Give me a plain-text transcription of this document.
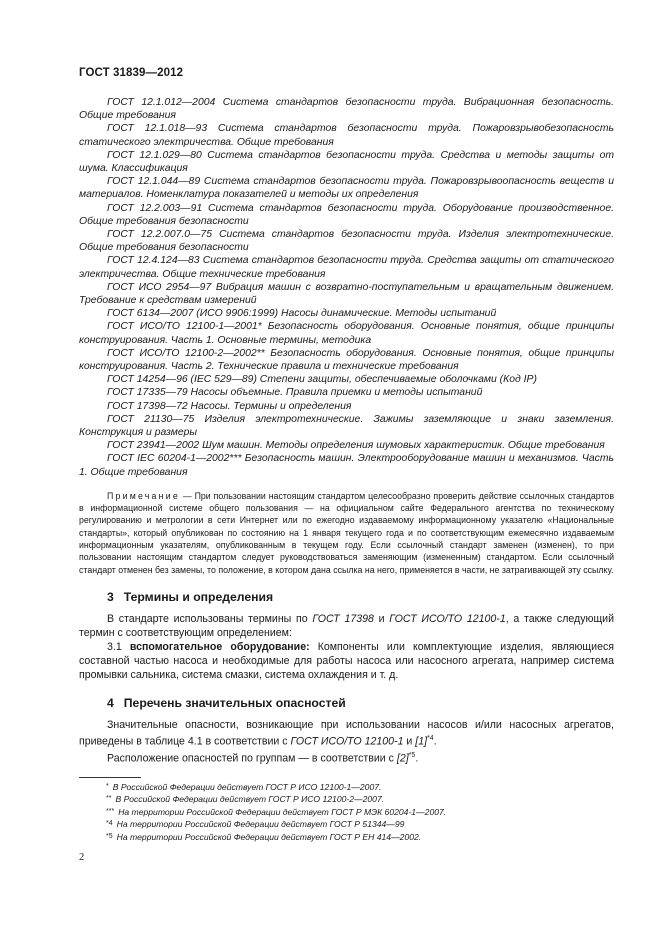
ГОСТ 31839—2012

ГОСТ 12.1.012—2004 Система стандартов безопасности труда. Вибрационная безопасность. Общие требования

ГОСТ 12.1.018—93 Система стандартов безопасности труда. Пожаровзрывобезопасность статического электричества. Общие требования

ГОСТ 12.1.029—80 Система стандартов безопасности труда. Средства и методы защиты от шума. Классификация

ГОСТ 12.1.044—89 Система стандартов безопасности труда. Пожаровзрывоопасность веществ и материалов. Номенклатура показателей и методы их определения

ГОСТ 12.2.003—91 Система стандартов безопасности труда. Оборудование производственное. Общие требования безопасности

ГОСТ 12.2.007.0—75 Система стандартов безопасности труда. Изделия электротехнические. Общие требования безопасности

ГОСТ 12.4.124—83 Система стандартов безопасности труда. Средства защиты от статического электричества. Общие технические требования

ГОСТ ИСО 2954—97 Вибрация машин с возвратно-поступательным и вращательным движением. Требование к средствам измерений

ГОСТ 6134—2007 (ИСО 9906:1999) Насосы динамические. Методы испытаний

ГОСТ ИСО/ТО 12100-1—2001* Безопасность оборудования. Основные понятия, общие принципы конструирования. Часть 1. Основные термины, методика

ГОСТ ИСО/ТО 12100-2—2002** Безопасность оборудования. Основные понятия, общие принципы конструирования. Часть 2. Технические правила и технические требования

ГОСТ 14254—96 (IEC 529—89) Степени защиты, обеспечиваемые оболочками (Код IP)

ГОСТ 17335—79 Насосы объемные. Правила приемки и методы испытаний

ГОСТ 17398—72 Насосы. Термины и определения

ГОСТ 21130—75 Изделия электротехнические. Зажимы заземляющие и знаки заземления. Конструкция и размеры

ГОСТ 23941—2002 Шум машин. Методы определения шумовых характеристик. Общие требования

ГОСТ IEC 60204-1—2002*** Безопасность машин. Электрооборудование машин и механизмов. Часть 1. Общие требования

Примечание — При пользовании настоящим стандартом целесообразно проверить действие ссылочных стандартов в информационной системе общего пользования — на официальном сайте Федерального агентства по техническому регулированию и метрологии в сети Интернет или по ежегодно издаваемому информационному указателю «Национальные стандарты», который опубликован по состоянию на 1 января текущего года и по соответствующим ежемесячно издаваемым информационным указателям, опубликованным в текущем году. Если ссылочный стандарт заменен (изменен), то при пользовании настоящим стандартом следует руководствоваться заменяющим (измененным) стандартом. Если ссылочный стандарт отменен без замены, то положение, в котором дана ссылка на него, применяется в части, не затрагивающей эту ссылку.

3 Термины и определения

В стандарте использованы термины по ГОСТ 17398 и ГОСТ ИСО/ТО 12100-1, а также следующий термин с соответствующим определением:

3.1 вспомогательное оборудование: Компоненты или комплектующие изделия, являющиеся составной частью насоса и необходимые для работы насоса или насосного агрегата, например система промывки сальника, система смазки, система охлаждения и т. д.

4 Перечень значительных опасностей

Значительные опасности, возникающие при использовании насосов и/или насосных агрегатов, приведены в таблице 4.1 в соответствии с ГОСТ ИСО/ТО 12100-1 и $[1]^{*4}$.

Расположение опасностей по группам — в соответствии с $[2]^{*5}$.

* В Российской Федерации действует ГОСТ Р ИСО 12100-1—2007.

** В Российской Федерации действует ГОСТ Р ИСО 12100-2—2007.

*** На территории Российской Федерации действует ГОСТ Р МЭК 60204-1—2007.

$^{*4}$ На территории Российской Федерации действует ГОСТ Р 51344—99

$^{*5}$ На территории Российской Федерации действует ГОСТ Р ЕН 414—2002.

2
